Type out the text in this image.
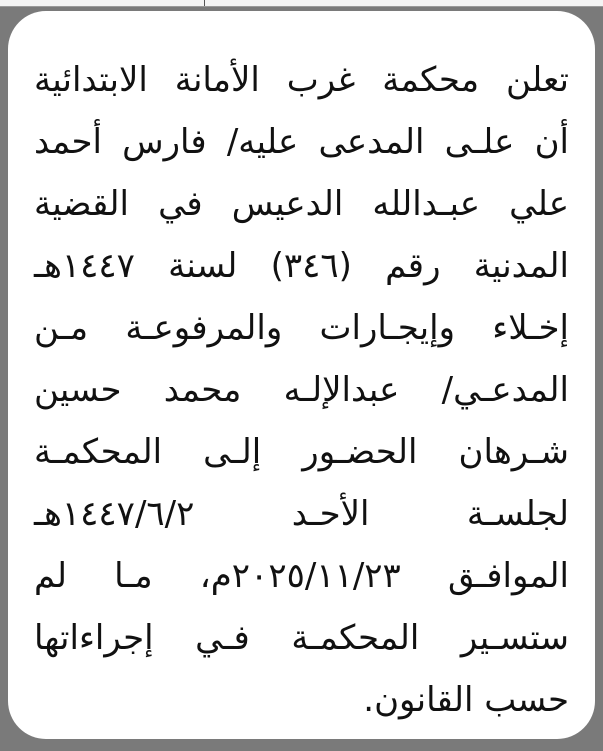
تعلن محكمة غرب الأمانة الابتدائية
أن علـى المدعى عليه/ فارس أحمد
علي عبـدالله الدعيس في القضية
المدنية رقم (٣٤٦) لسنة ١٤٤٧هـ
إخـلاء وإيجـارات والمرفوعـة مـن
المدعـي/ عبدالإلـه محمد حسين
شـرهان الحضـور إلـى المحكمـة
لجلسـة الأحـد ١٤٤٧/٦/٢هـ
الموافـق ٢٠٢٥/١١/٢٣م، مـا لم
ستسـير المحكمـة فـي إجراءاتها
حسب القانون.
